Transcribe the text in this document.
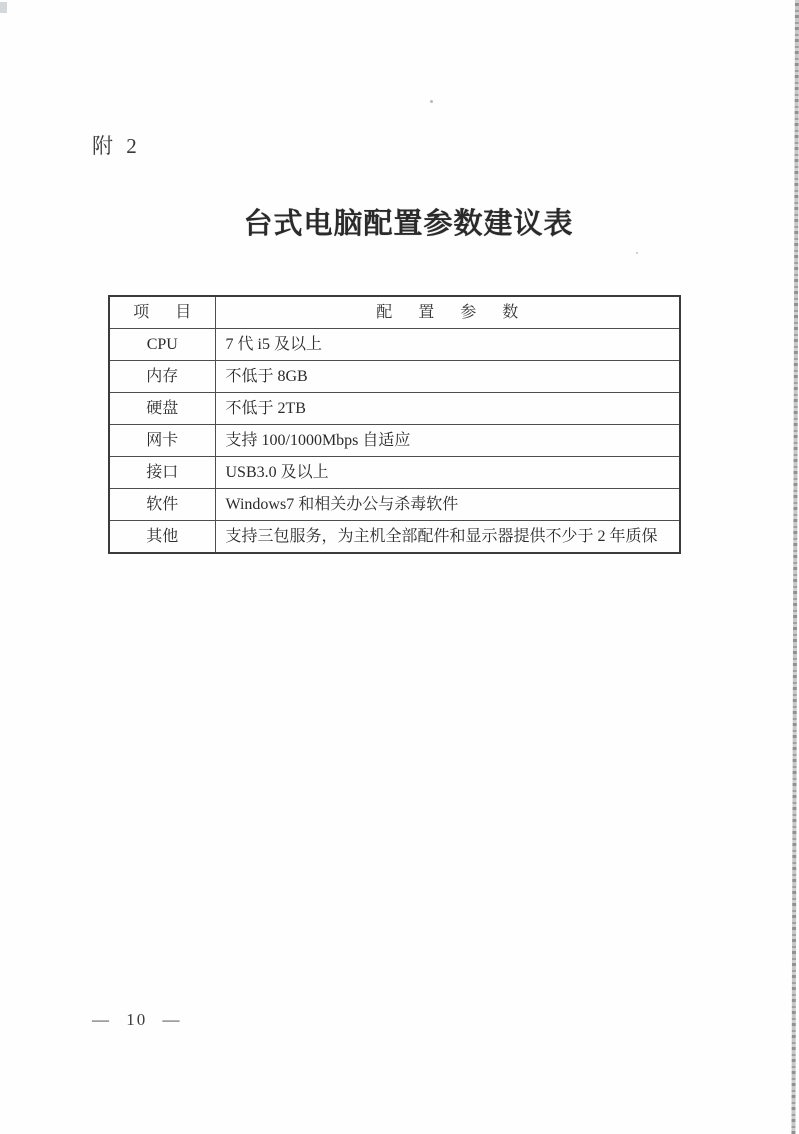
附 2
台式电脑配置参数建议表
项 目	配 置 参 数
CPU	7 代 i5 及以上
内存	不低于 8GB
硬盘	不低于 2TB
网卡	支持 100/1000Mbps 自适应
接口	USB3.0 及以上
软件	Windows7 和相关办公与杀毒软件
其他	支持三包服务，为主机全部配件和显示器提供不少于 2 年质保
— 10 —
